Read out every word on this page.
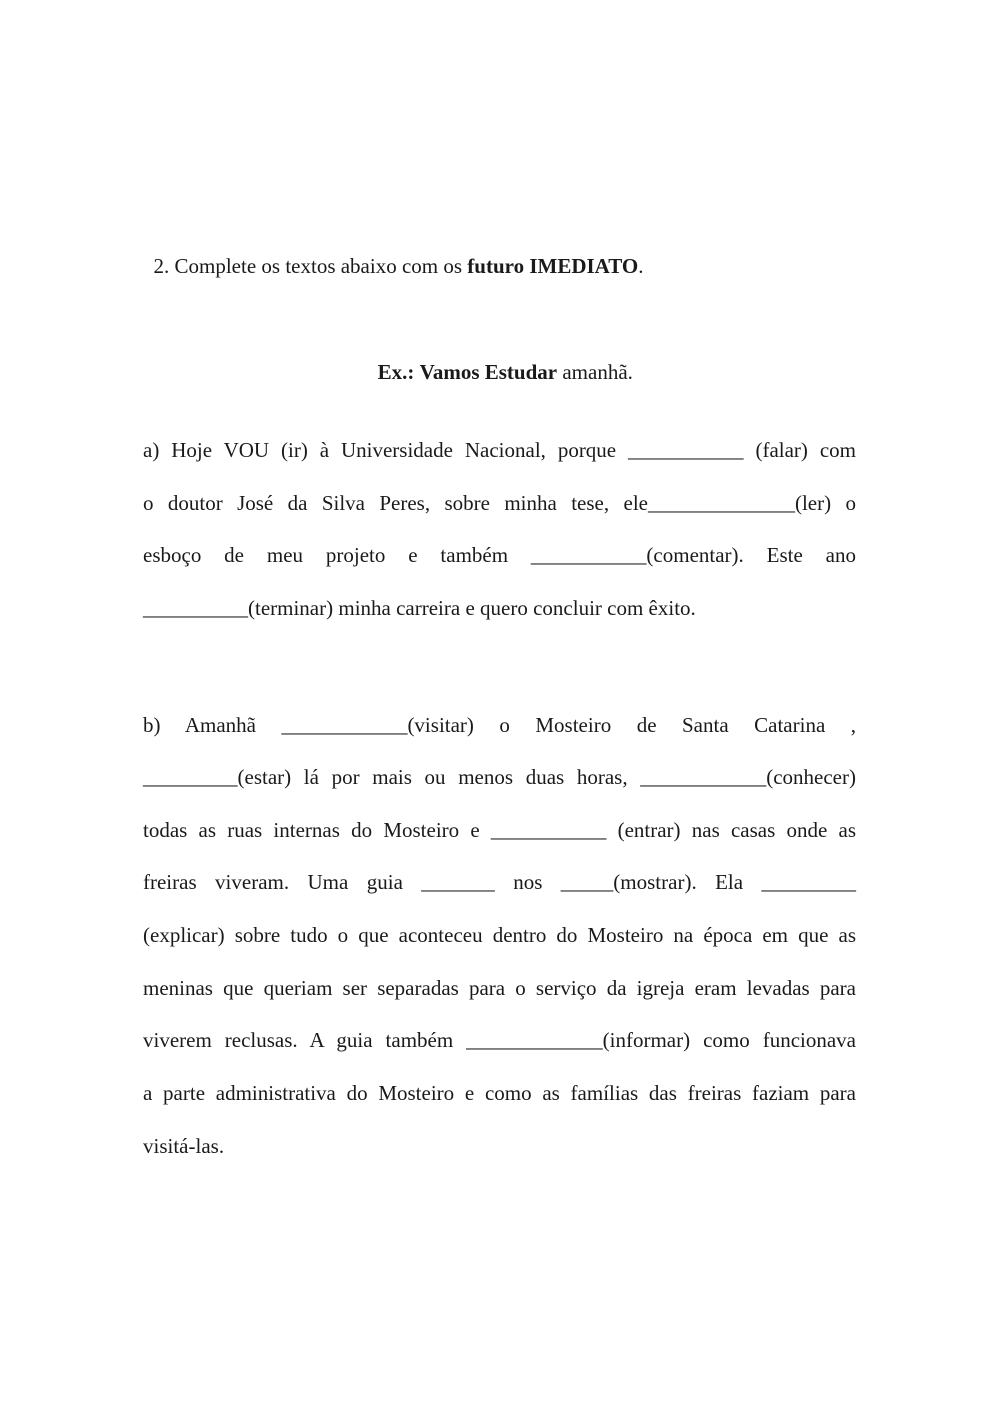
2. Complete os textos abaixo com os futuro IMEDIATO.

Ex.: Vamos Estudar amanhã.

a) Hoje VOU (ir) à Universidade Nacional, porque ___________ (falar) com
o doutor José da Silva Peres, sobre minha tese, ele______________(ler) o
esboço de meu projeto e também ___________(comentar). Este ano
__________(terminar) minha carreira e quero concluir com êxito.
b) Amanhã ____________(visitar) o Mosteiro de Santa Catarina ,
_________(estar) lá por mais ou menos duas horas, ____________(conhecer)
todas as ruas internas do Mosteiro e ___________ (entrar) nas casas onde as
freiras viveram. Uma guia _______ nos _____(mostrar). Ela _________
(explicar) sobre tudo o que aconteceu dentro do Mosteiro na época em que as
meninas que queriam ser separadas para o serviço da igreja eram levadas para
viverem reclusas. A guia também _____________(informar) como funcionava
a parte administrativa do Mosteiro e como as famílias das freiras faziam para
visitá-las.
